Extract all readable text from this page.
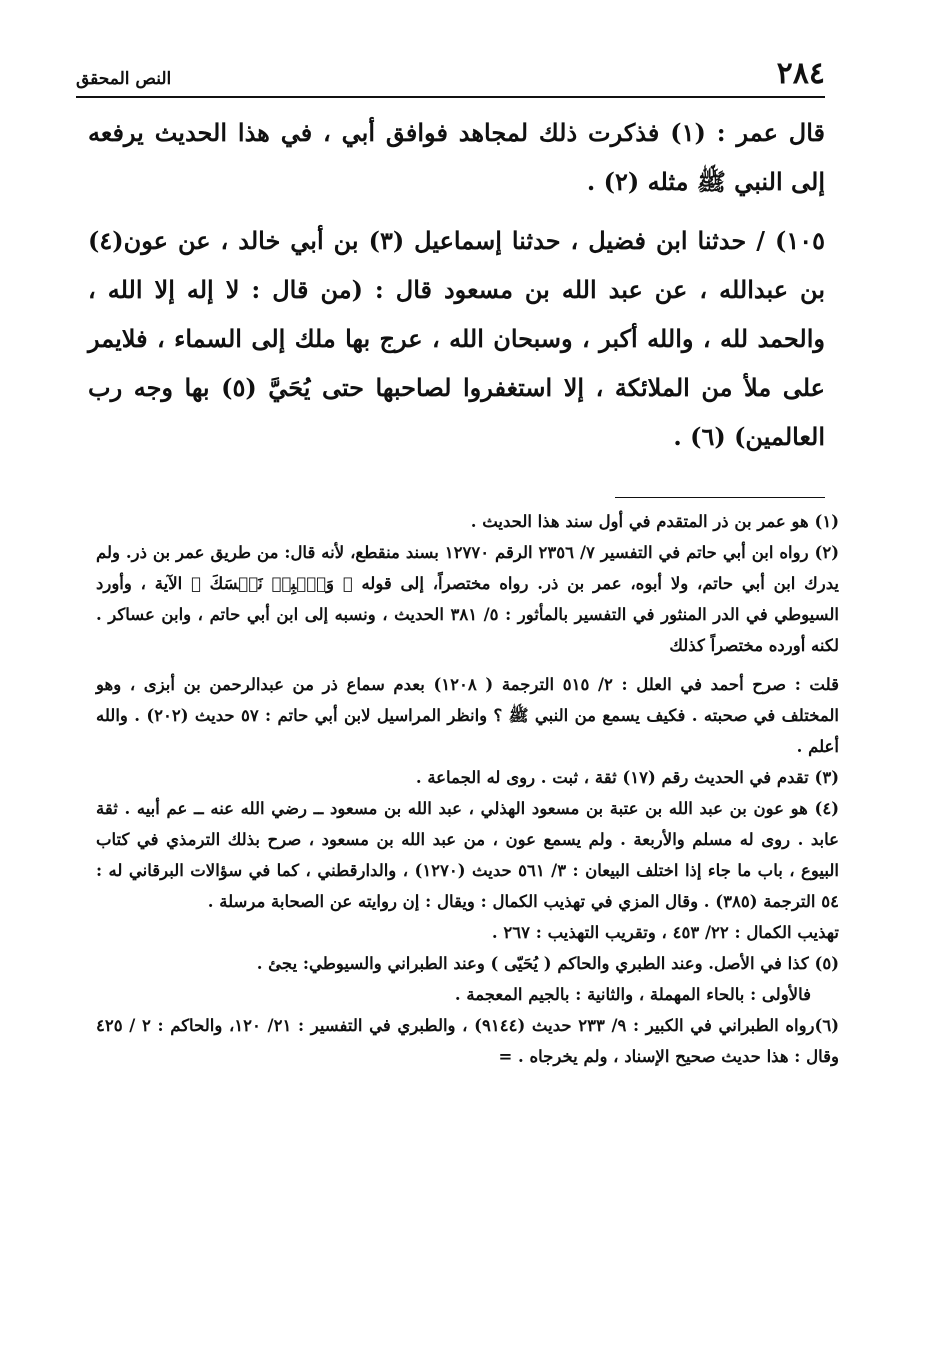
٢٨٤
النص المحقق

قال عمر : (١) فذكرت ذلك لمجاهد فوافق أبي ، في هذا الحديث يرفعه إلى النبي ﷺ مثله (٢) .

١٠٥) / حدثنا ابن فضيل ، حدثنا إسماعيل (٣) بن أبي خالد ، عن عون(٤) بن عبدالله ، عن عبد الله بن مسعود قال : (من قال : لا إله إلا الله ، والحمد لله ، والله أكبر ، وسبحان الله ، عرج بها ملك إلى السماء ، فلايمر على ملأ من الملائكة ، إلا استغفروا لصاحبها حتى يُحَيَّ (٥) بها وجه رب العالمين) (٦) .

(١) هو عمر بن ذر المتقدم في أول سند هذا الحديث .

(٢) رواه ابن أبي حاتم في التفسير ٧/ ٢٣٥٦ الرقم ١٢٧٧٠ بسند منقطع، لأنه قال: من طريق عمر بن ذر. ولم يدرك ابن أبي حاتم، ولا أبوه، عمر بن ذر. رواه مختصراً، إلى قوله ﴿ وَٱصۡبِرۡ نَفۡسَكَ ﴾ الآية ، وأورد السيوطي في الدر المنثور في التفسير بالمأثور : ٥/ ٣٨١ الحديث ، ونسبه إلى ابن أبي حاتم ، وابن عساكر . لكنه أورده مختصراً كذلك

قلت : صرح أحمد في العلل : ٢/ ٥١٥ الترجمة ( ١٢٠٨) بعدم سماع ذر من عبدالرحمن بن أبزى ، وهو المختلف في صحبته . فكيف يسمع من النبي ﷺ ؟ وانظر المراسيل لابن أبي حاتم : ٥٧ حديث (٢٠٢) . والله أعلم .

(٣) تقدم في الحديث رقم (١٧) ثقة ، ثبت . روى له الجماعة .

(٤) هو عون بن عبد الله بن عتبة بن مسعود الهذلي ، عبد الله بن مسعود ــ رضي الله عنه ــ عم أبيه . ثقة عابد . روى له مسلم والأربعة . ولم يسمع عون ، من عبد الله بن مسعود ، صرح بذلك الترمذي في كتاب البيوع ، باب ما جاء إذا اختلف البيعان : ٣/ ٥٦١ حديث (١٢٧٠) ، والدارقطني ، كما في سؤالات البرقاني له : ٥٤ الترجمة (٣٨٥) . وقال المزي في تهذيب الكمال : ويقال : إن روايته عن الصحابة مرسلة .

تهذيب الكمال : ٢٢/ ٤٥٣ ، وتقريب التهذيب : ٢٦٧ .

(٥) كذا في الأصل. وعند الطبري والحاكم ( يُحَيّى ) وعند الطبراني والسيوطي: يجئ .

فالأولى : بالحاء المهملة ، والثانية : بالجيم المعجمة .

(٦)رواه الطبراني في الكبير : ٩/ ٢٣٣ حديث (٩١٤٤) ، والطبري في التفسير : ٢١/ ١٢٠، والحاكم : ٢ / ٤٢٥ وقال : هذا حديث صحيح الإسناد ، ولم يخرجاه . =
